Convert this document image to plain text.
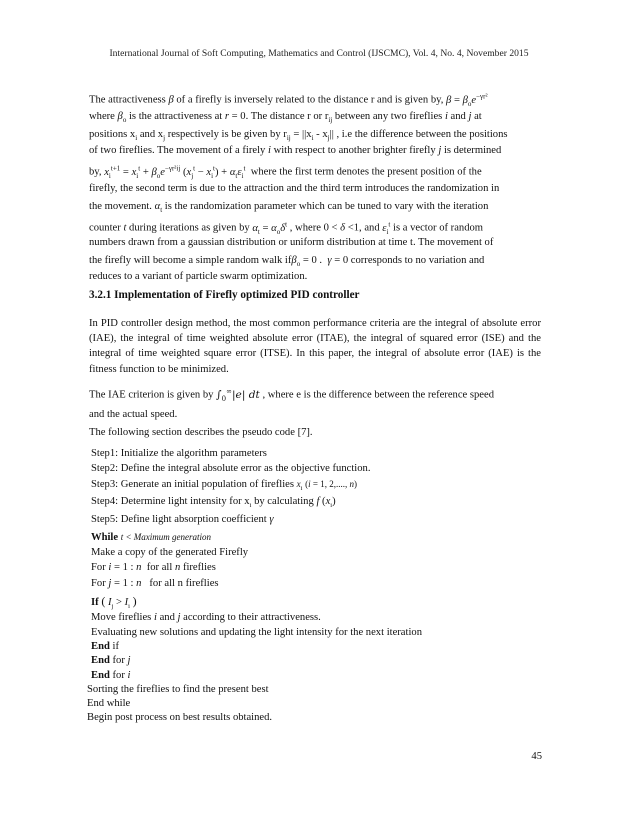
International Journal of Soft Computing, Mathematics and Control (IJSCMC), Vol. 4, No. 4, November 2015
The attractiveness β of a firefly is inversely related to the distance r and is given by, $\beta = \beta_oe^{-\gamma r^2}$
where $\beta_o$ is the attractiveness at r = 0. The distance r or $r_{ij}$ between any two fireflies i and j at
positions $x_i$ and $x_j$ respectively is be given by $r_{ij} = ||x_i - x_j||$ , i.e the difference between the positions
of two fireflies. The movement of a firely i with respect to another brighter firefly j is determined
by, $x_i^{t+1} = x_i^t + \beta_oe^{-\gamma r^2ij}$ $(x_j^t - x_i^t) + \alpha_t\varepsilon_i^t$ where the first term denotes the present position of the
firefly, the second term is due to the attraction and the third term introduces the randomization in
the movement. $\alpha_t$ is the randomization parameter which can be tuned to vary with the iteration
counter t during iterations as given by $\alpha_t = \alpha_o\delta^t$ , where 0 < δ <1, and $\varepsilon_i^t$ is a vector of random
numbers drawn from a gaussian distribution or uniform distribution at time t. The movement of
the firefly will become a simple random walk ifβ$_o$ = 0 .  γ = 0 corresponds to no variation and
reduces to a variant of particle swarm optimization.
3.2.1 Implementation of Firefly optimized PID controller

In PID controller design method, the most common performance criteria are the integral of absolute error (IAE), the integral of time weighted absolute error (ITAE), the integral of squared error (ISE) and the integral of time weighted square error (ITSE). In this paper, the integral of absolute error (IAE) is the fitness function to be minimized.

The IAE criterion is given by $\int_0^\infty|e|$ dt , where e is the difference between the reference speed
and the actual speed.
The following section describes the pseudo code [7].
Step1: Initialize the algorithm parameters
Step2: Define the integral absolute error as the objective function.
Step3: Generate an initial population of fireflies $x_i$ (i = 1, 2,...., n)
Step4: Determine light intensity for $x_i$ by calculating f $(x_i)$
Step5: Define light absorption coefficient γ
While t < Maximum generation
Make a copy of the generated Firefly
For i = 1 : n for all n fireflies
For j = 1 : n for all n fireflies
If ( $I_j > I_i$ )
Move fireflies i and j according to their attractiveness.
Evaluating new solutions and updating the light intensity for the next iteration
End if
End for j
End for i
Sorting the fireflies to find the present best
End while
Begin post process on best results obtained.
45
